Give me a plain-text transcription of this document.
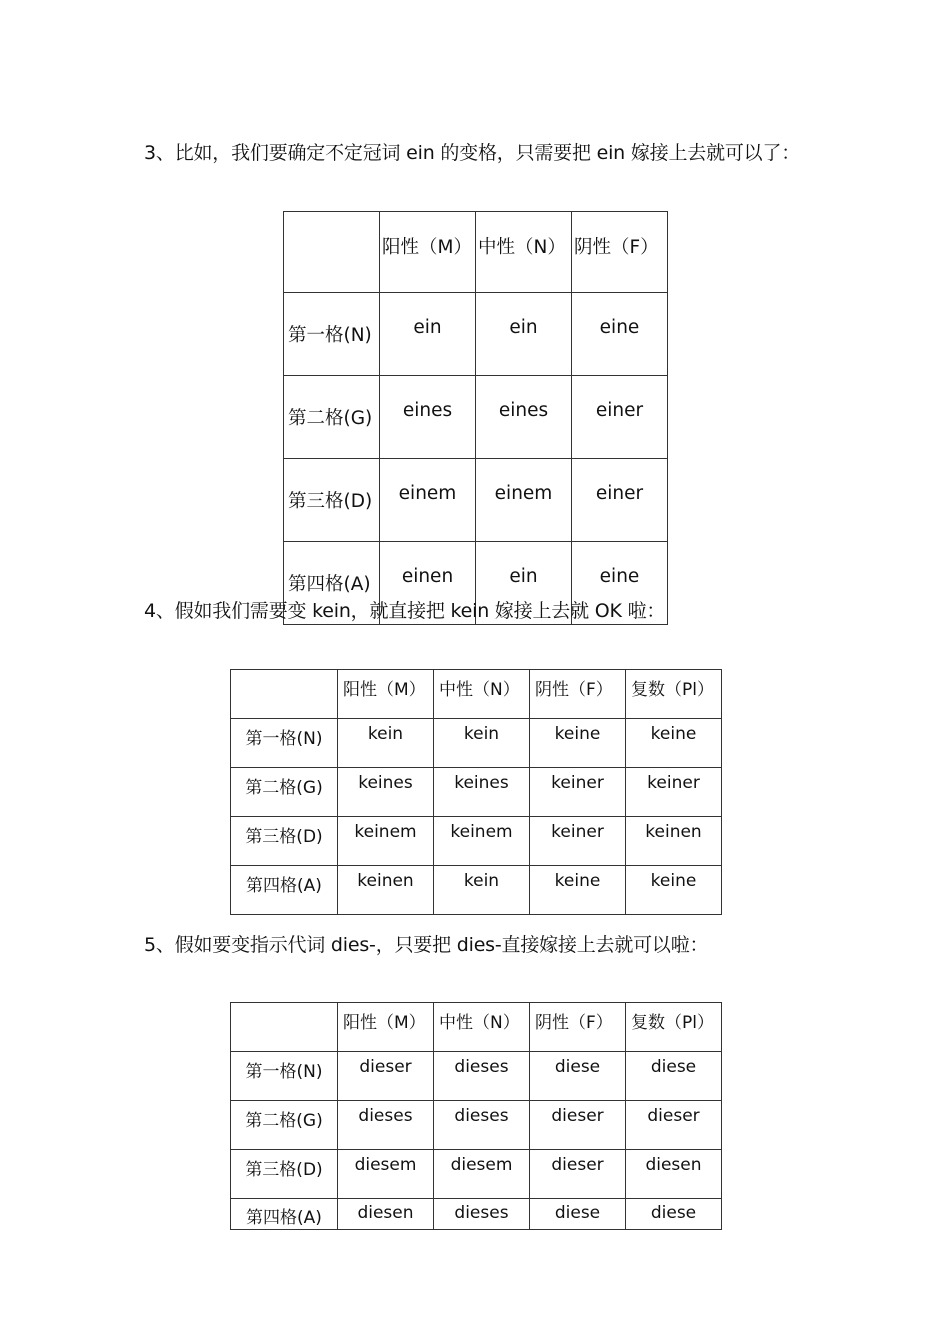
3、比如，我们要确定不定冠词 ein 的变格，只需要把 ein 嫁接上去就可以了：

	阳性（M）	中性（N）	阴性（F）
第一格(N)	ein	ein	eine
第二格(G)	eines	eines	einer
第三格(D)	einem	einem	einer
第四格(A)	einen	ein	eine

4、假如我们需要变 kein，就直接把 kein 嫁接上去就 OK 啦：

	阳性（M）	中性（N）	阴性（F）	复数（Pl）
第一格(N)	kein	kein	keine	keine
第二格(G)	keines	keines	keiner	keiner
第三格(D)	keinem	keinem	keiner	keinen
第四格(A)	keinen	kein	keine	keine

5、假如要变指示代词 dies-，只要把 dies-直接嫁接上去就可以啦：

	阳性（M）	中性（N）	阴性（F）	复数（Pl）
第一格(N)	dieser	dieses	diese	diese
第二格(G)	dieses	dieses	dieser	dieser
第三格(D)	diesem	diesem	dieser	diesen
第四格(A)	diesen	dieses	diese	diese
